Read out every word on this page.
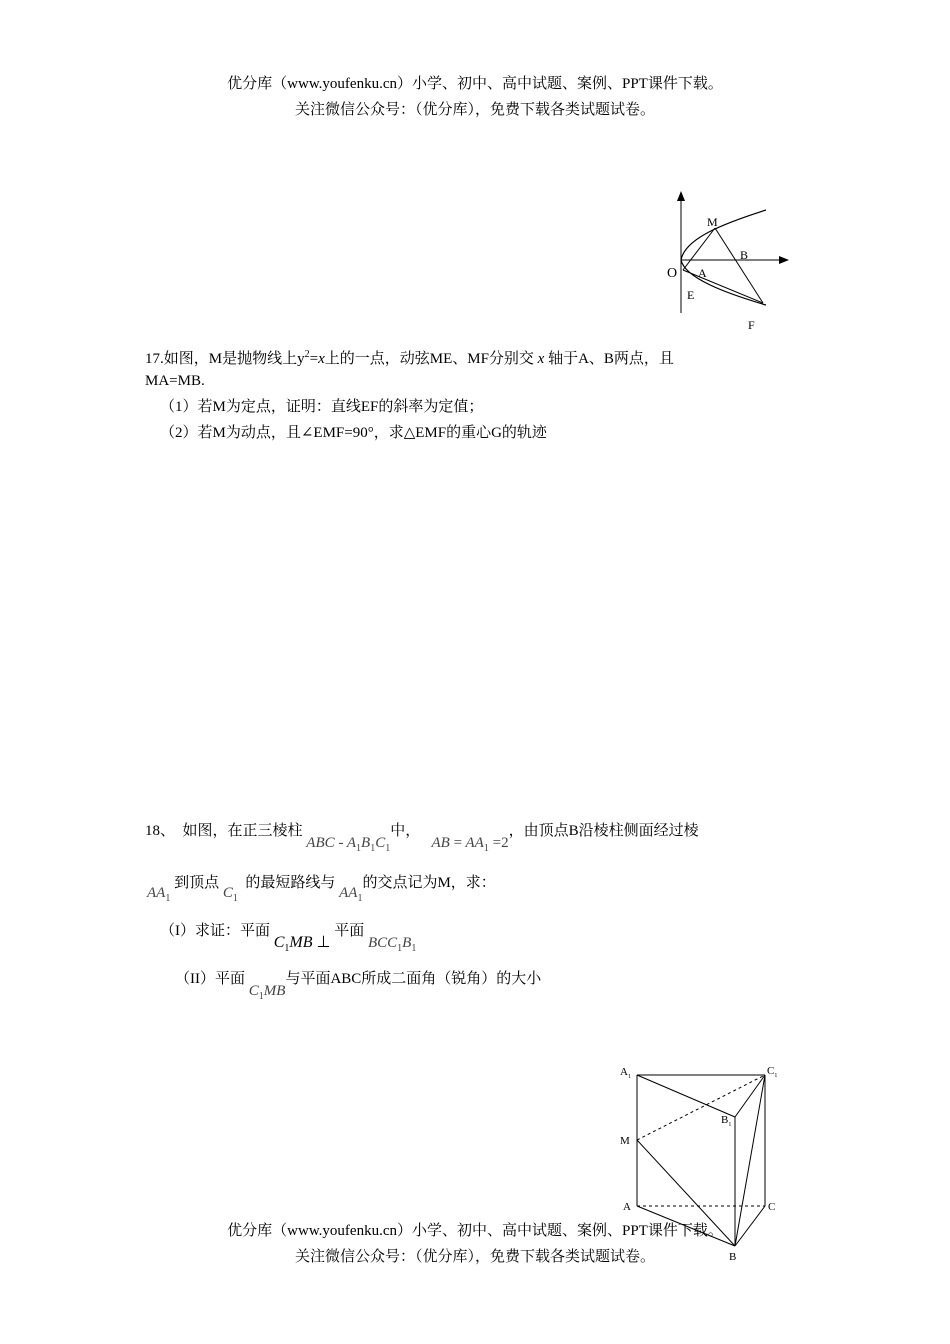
优分库（www.youfenku.cn）小学、初中、高中试题、案例、PPT课件下载。
关注微信公众号：（优分库），免费下载各类试题试卷。
M
B
O A
E
F
17.如图，M是抛物线上$y^2=x$上的一点，动弦ME、MF分别交 x 轴于A、B两点，且
MA=MB.
（1）若M为定点，证明：直线EF的斜率为定值；
（2）若M为动点，且∠EMF=90°，求△EMF的重心G的轨迹
18、 如图，在正三棱柱 ABC - $A_1B_1C_1$中，   AB = $AA_1 =2$，由顶点B沿棱柱侧面经过棱
$AA_1$ 到顶点 $C_1$  的最短路线与 $AA_1$的交点记为M，求：
（I）求证：平面 $C_1MB$ ⊥ 平面 $BCC_1B_1$
（II）平面 $C_1MB$与平面ABC所成二面角（锐角）的大小
$A_1$	$C_1$
$B_1$
M
A	C
B
优分库（www.youfenku.cn）小学、初中、高中试题、案例、PPT课件下载。
关注微信公众号：（优分库），免费下载各类试题试卷。
